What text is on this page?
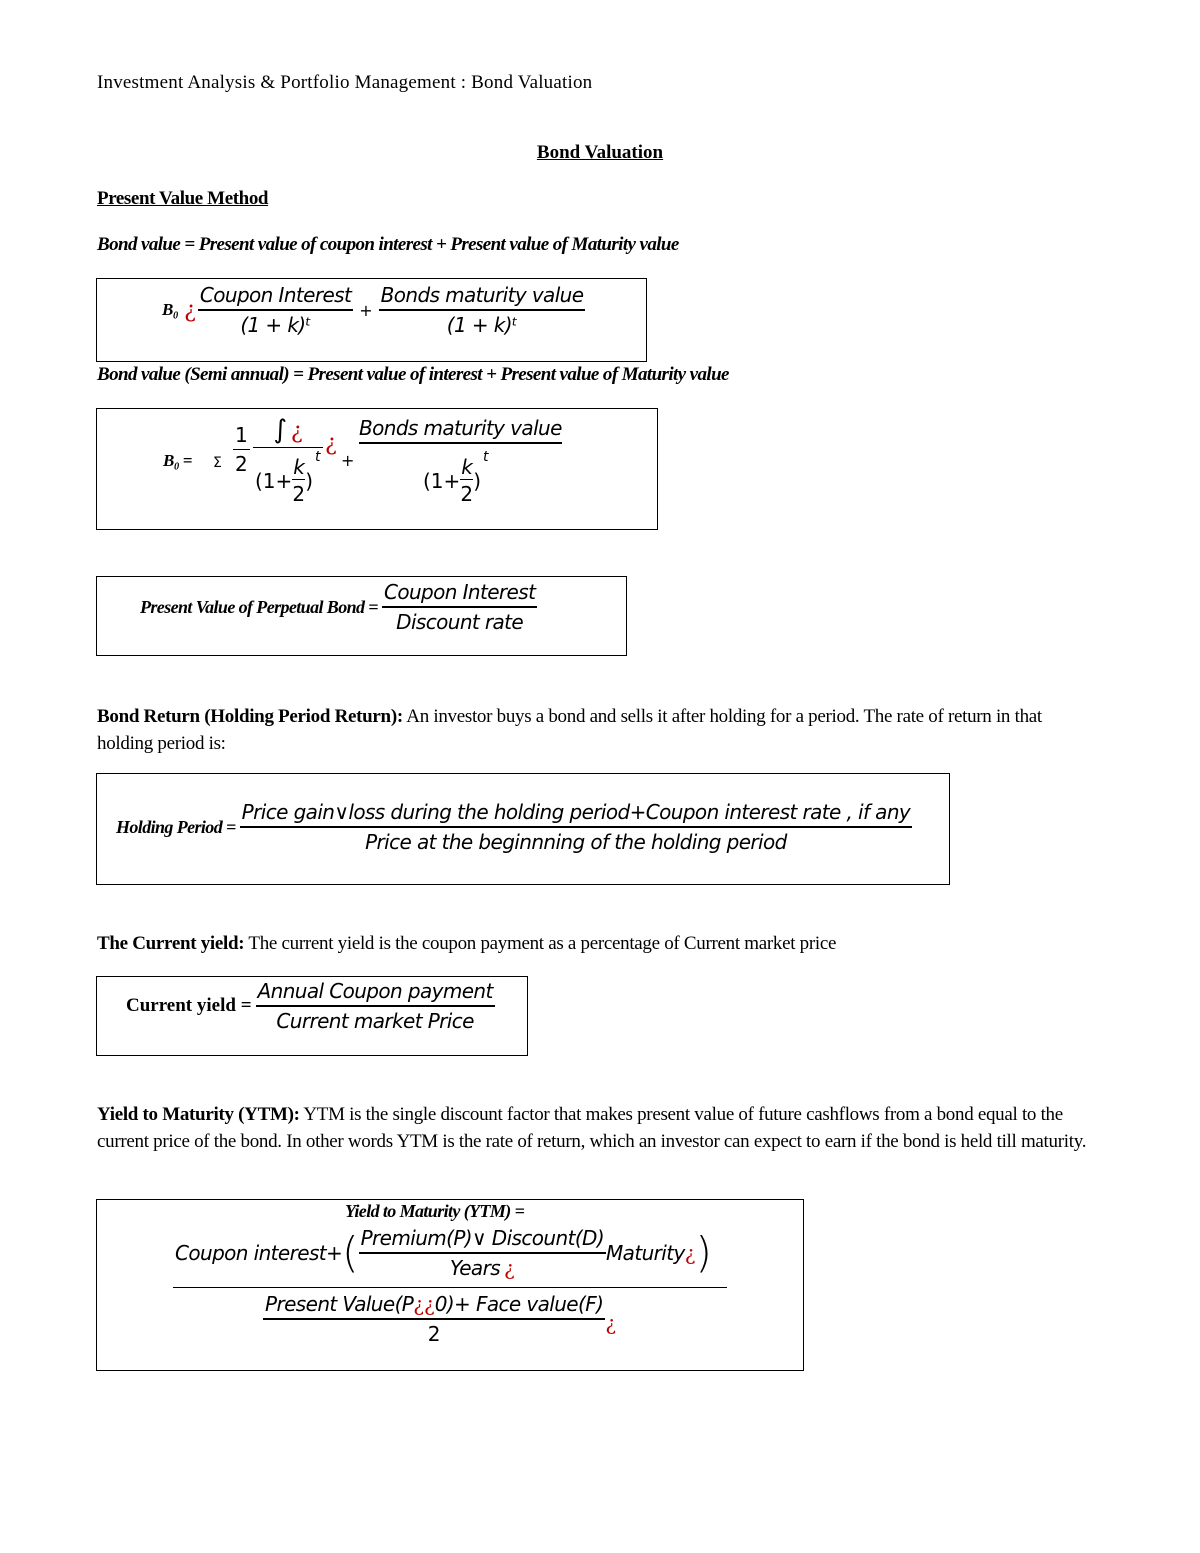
Investment Analysis & Portfolio Management : Bond Valuation
Bond Valuation
Present Value Method
Bond value = Present value of coupon interest + Present value of Maturity value
B₀ ¿ $\frac{\text{Coupon Interest}}{\text{(1 + k)ᵗ}} + \frac{\text{Bonds maturity value}}{\text{(1 + k)ᵗ}}$
Bond value (Semi annual) = Present value of interest + Present value of Maturity value
B₀ = Σ $\frac{1}{2}$ ∫ ¿
($1+ \frac{k}{2}$ )
t
¿
+
Bonds maturity value
($1+ \frac{k}{2}$ )
t
Present Value of Perpetual Bond = $\frac{\text{Coupon Interest}}{\text{Discount rate}}$
Bond Return (Holding Period Return): An investor buys a bond and sells it after holding for a period. The rate of return in that holding period is:
Holding Period =
Price gain∨loss during the holding period+Coupon interest rate , if any
Price at the beginnning of the holding period
The Current yield: The current yield is the coupon payment as a percentage of Current market price
Current yield = $\frac{\text{Annual Coupon payment}}{\text{Current market Price}}$
Yield to Maturity (YTM): YTM is the single discount factor that makes present value of future cashflows from a bond equal to the current price of the bond. In other words YTM is the rate of return, which an investor can expect to earn if the bond is held till maturity.
Yield to Maturity (YTM) =
Coupon interest+ ( $\frac{\text{Premium(P)∨ Discount(D)}}{\text{Years ¿}}$ Maturity ¿ )
$\frac{\text{Present Value(P¿¿0)+ Face value(F)}}{2}$ ¿
